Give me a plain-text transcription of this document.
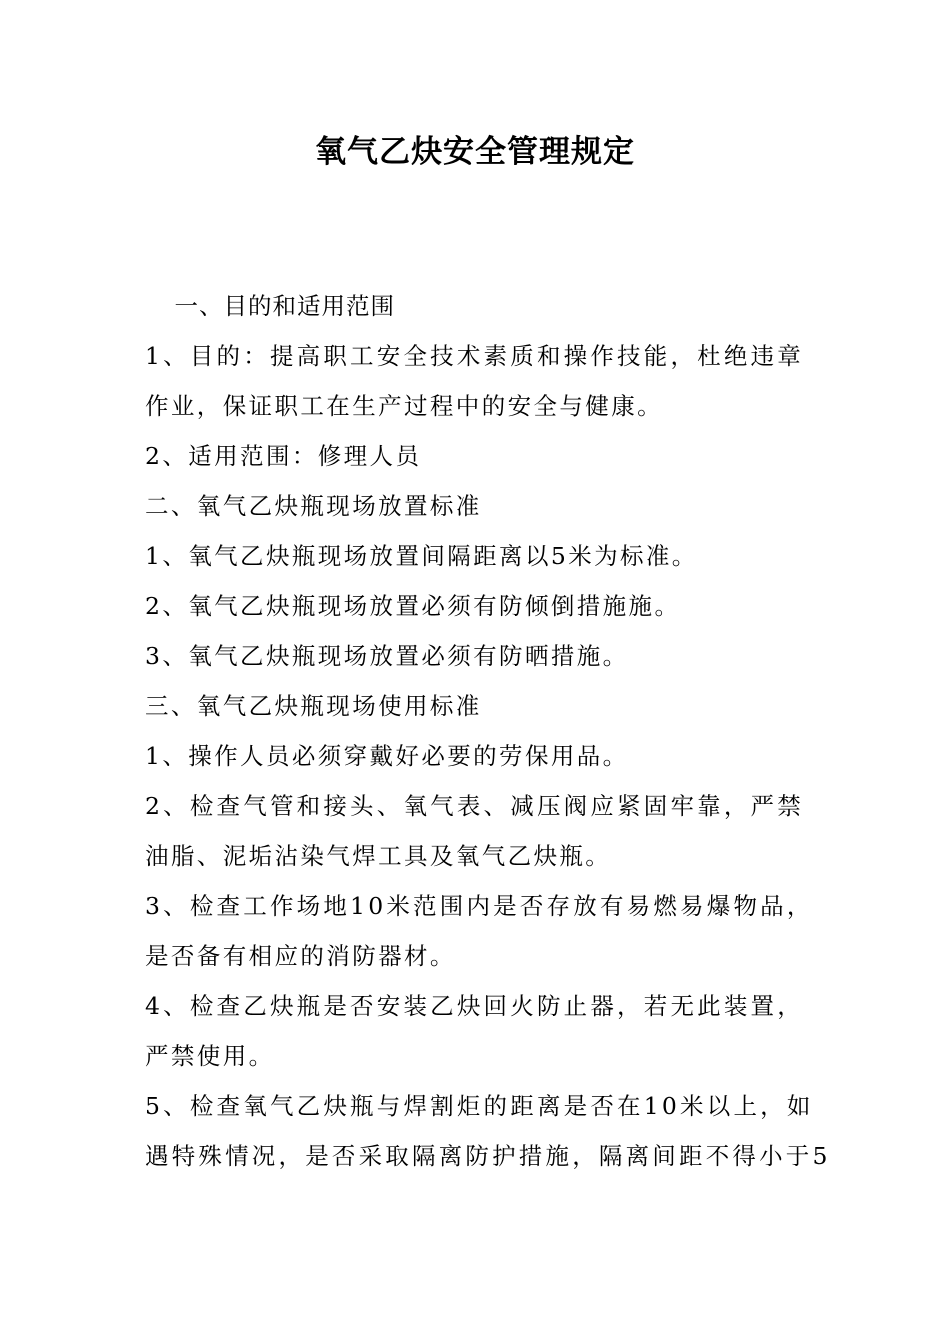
氧气乙炔安全管理规定
　一、目的和适用范围
1、目的：提高职工安全技术素质和操作技能，杜绝违章
作业，保证职工在生产过程中的安全与健康。
2、适用范围：修理人员
二、氧气乙炔瓶现场放置标准
1、氧气乙炔瓶现场放置间隔距离以5米为标准。
2、氧气乙炔瓶现场放置必须有防倾倒措施施。
3、氧气乙炔瓶现场放置必须有防晒措施。
三、氧气乙炔瓶现场使用标准
1、操作人员必须穿戴好必要的劳保用品。
2、检查气管和接头、氧气表、减压阀应紧固牢靠，严禁
油脂、泥垢沾染气焊工具及氧气乙炔瓶。
3、检查工作场地10米范围内是否存放有易燃易爆物品，
是否备有相应的消防器材。
4、检查乙炔瓶是否安装乙炔回火防止器，若无此装置，
严禁使用。
5、检查氧气乙炔瓶与焊割炬的距离是否在10米以上，如
遇特殊情况，是否采取隔离防护措施，隔离间距不得小于5
